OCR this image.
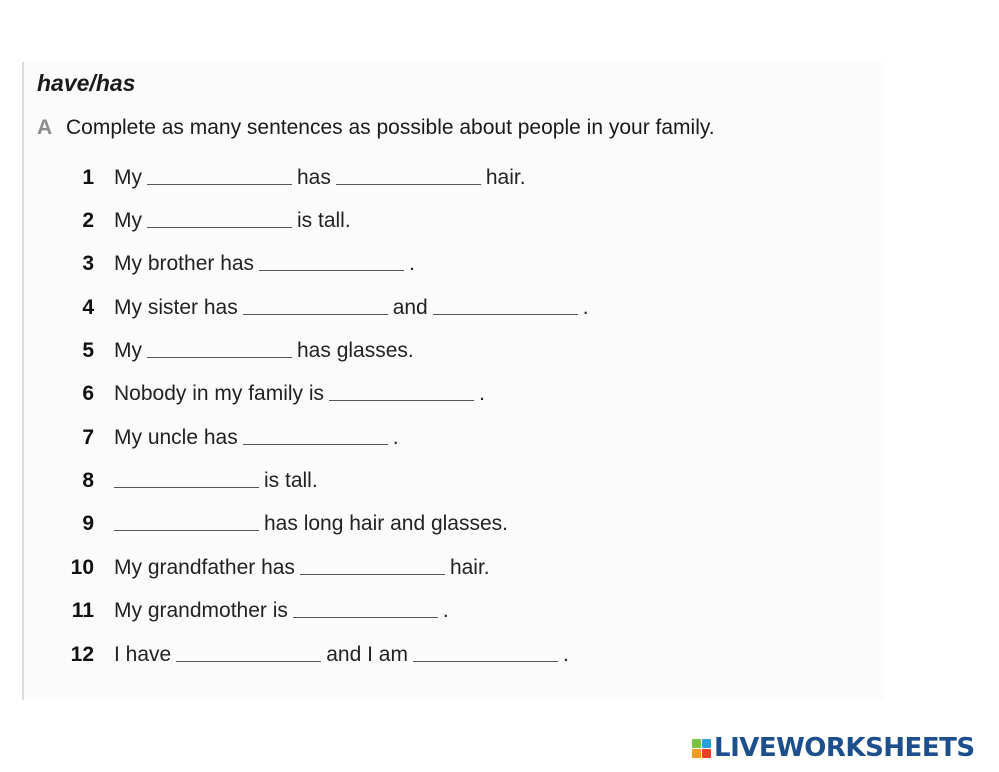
have/has
A Complete as many sentences as possible about people in your family.
1 My	has	hair.
2 My	is tall.
3 My brother has	.
4 My sister has	and	.
5 My	has glasses.
6 Nobody in my family is	.
7 My uncle has	.
8	is tall.
9	has long hair and glasses.
10 My grandfather has	hair.
11 My grandmother is	.
12 I have	and I am	.
LIVEWORKSHEETS
